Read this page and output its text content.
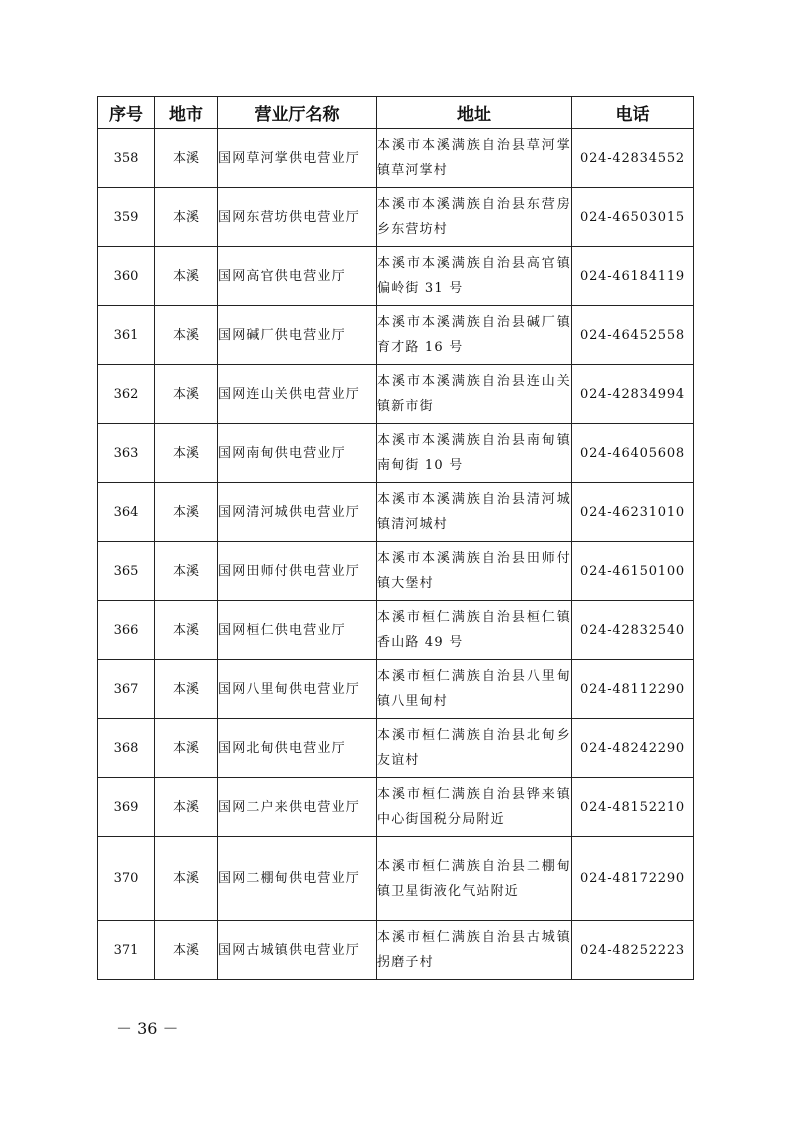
序号	地市	营业厅名称	地址	电话
358	本溪	国网草河掌供电营业厅	本溪市本溪满族自治县草河掌镇草河掌村	024-42834552
359	本溪	国网东营坊供电营业厅	本溪市本溪满族自治县东营房乡东营坊村	024-46503015
360	本溪	国网高官供电营业厅	本溪市本溪满族自治县高官镇偏岭街 31 号	024-46184119
361	本溪	国网碱厂供电营业厅	本溪市本溪满族自治县碱厂镇育才路 16 号	024-46452558
362	本溪	国网连山关供电营业厅	本溪市本溪满族自治县连山关镇新市街	024-42834994
363	本溪	国网南甸供电营业厅	本溪市本溪满族自治县南甸镇南甸街 10 号	024-46405608
364	本溪	国网清河城供电营业厅	本溪市本溪满族自治县清河城镇清河城村	024-46231010
365	本溪	国网田师付供电营业厅	本溪市本溪满族自治县田师付镇大堡村	024-46150100
366	本溪	国网桓仁供电营业厅	本溪市桓仁满族自治县桓仁镇香山路 49 号	024-42832540
367	本溪	国网八里甸供电营业厅	本溪市桓仁满族自治县八里甸镇八里甸村	024-48112290
368	本溪	国网北甸供电营业厅	本溪市桓仁满族自治县北甸乡友谊村	024-48242290
369	本溪	国网二户来供电营业厅	本溪市桓仁满族自治县铧来镇中心街国税分局附近	024-48152210
370	本溪	国网二棚甸供电营业厅	本溪市桓仁满族自治县二棚甸镇卫星街液化气站附近	024-48172290
371	本溪	国网古城镇供电营业厅	本溪市桓仁满族自治县古城镇拐磨子村	024-48252223
－ 36 －
